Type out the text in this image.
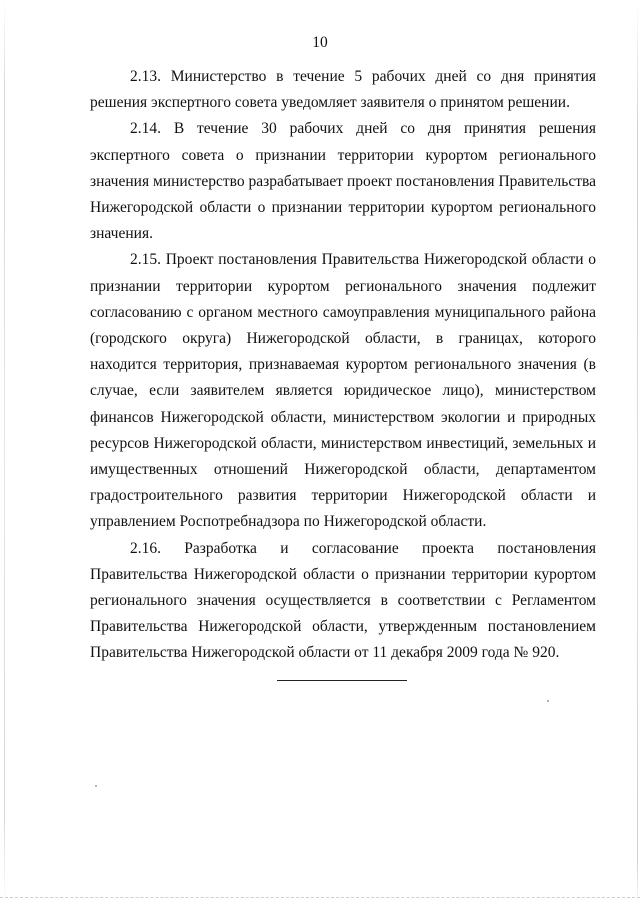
10

2.13. Министерство в течение 5 рабочих дней со дня принятия решения экспертного совета уведомляет заявителя о принятом решении.

2.14. В течение 30 рабочих дней со дня принятия решения экспертного совета о признании территории курортом регионального значения министерство разрабатывает проект постановления Правительства Нижегородской области о признании территории курортом регионального значения.

2.15. Проект постановления Правительства Нижегородской области о признании территории курортом регионального значения подлежит согласованию с органом местного самоуправления муниципального района (городского округа) Нижегородской области, в границах, которого находится территория, признаваемая курортом регионального значения (в случае, если заявителем является юридическое лицо), министерством финансов Нижегородской области, министерством экологии и природных ресурсов Нижегородской области, министерством инвестиций, земельных и имущественных отношений Нижегородской области, департаментом градостроительного развития территории Нижегородской области и управлением Роспотребнадзора по Нижегородской области.

2.16. Разработка и согласование проекта постановления Правительства Нижегородской области о признании территории курортом регионального значения осуществляется в соответствии с Регламентом Правительства Нижегородской области, утвержденным постановлением Правительства Нижегородской области от 11 декабря 2009 года № 920.
